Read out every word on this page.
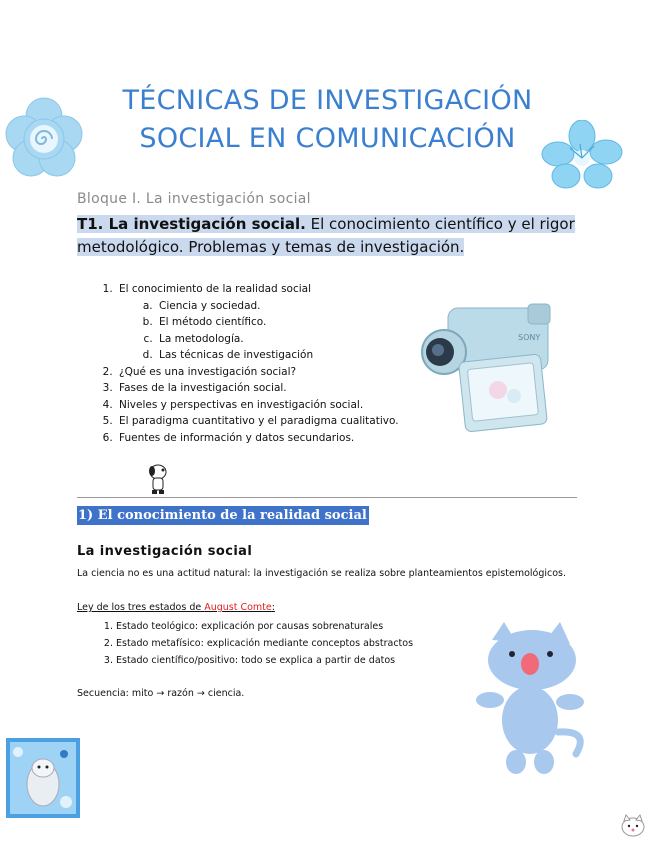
TÉCNICAS DE INVESTIGACIÓN
SOCIAL EN COMUNICACIÓN
Bloque I. La investigación social
T1. La investigación social. El conocimiento científico y el rigor
metodológico. Problemas y temas de investigación.
1. El conocimiento de la realidad social
a. Ciencia y sociedad.
b. El método científico.
c. La metodología.
d. Las técnicas de investigación
2. ¿Qué es una investigación social?
3. Fases de la investigación social.
4. Niveles y perspectivas en investigación social.
5. El paradigma cuantitativo y el paradigma cualitativo.
6. Fuentes de información y datos secundarios.
SONY
1) El conocimiento de la realidad social
La investigación social
La ciencia no es una actitud natural: la investigación se realiza sobre planteamientos epistemológicos.
Ley de los tres estados de August Comte:
1. Estado teológico: explicación por causas sobrenaturales
2. Estado metafísico: explicación mediante conceptos abstractos
3. Estado científico/positivo: todo se explica a partir de datos
Secuencia: mito → razón → ciencia.
